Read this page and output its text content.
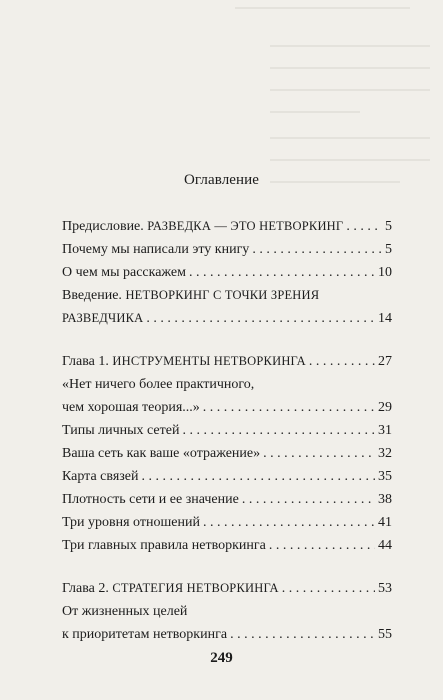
Оглавление
Предисловие. РАЗВЕДКА — ЭТО НЕТВОРКИНГ . . .	5
Почему мы написали эту книгу . . .	5
О чем мы расскажем . . .	10
Введение. НЕТВОРКИНГ С ТОЧКИ ЗРЕНИЯ
РАЗВЕДЧИКА . . .	14
Глава 1. ИНСТРУМЕНТЫ НЕТВОРКИНГА . . .	27
«Нет ничего более практичного,
чем хорошая теория...» . . .	29
Типы личных сетей . . .	31
Ваша сеть как ваше «отражение» . . .	32
Карта связей . . .	35
Плотность сети и ее значение . . .	38
Три уровня отношений . . .	41
Три главных правила нетворкинга . . .	44
Глава 2. СТРАТЕГИЯ НЕТВОРКИНГА . . .	53
От жизненных целей
к приоритетам нетворкинга . . .	55
249
